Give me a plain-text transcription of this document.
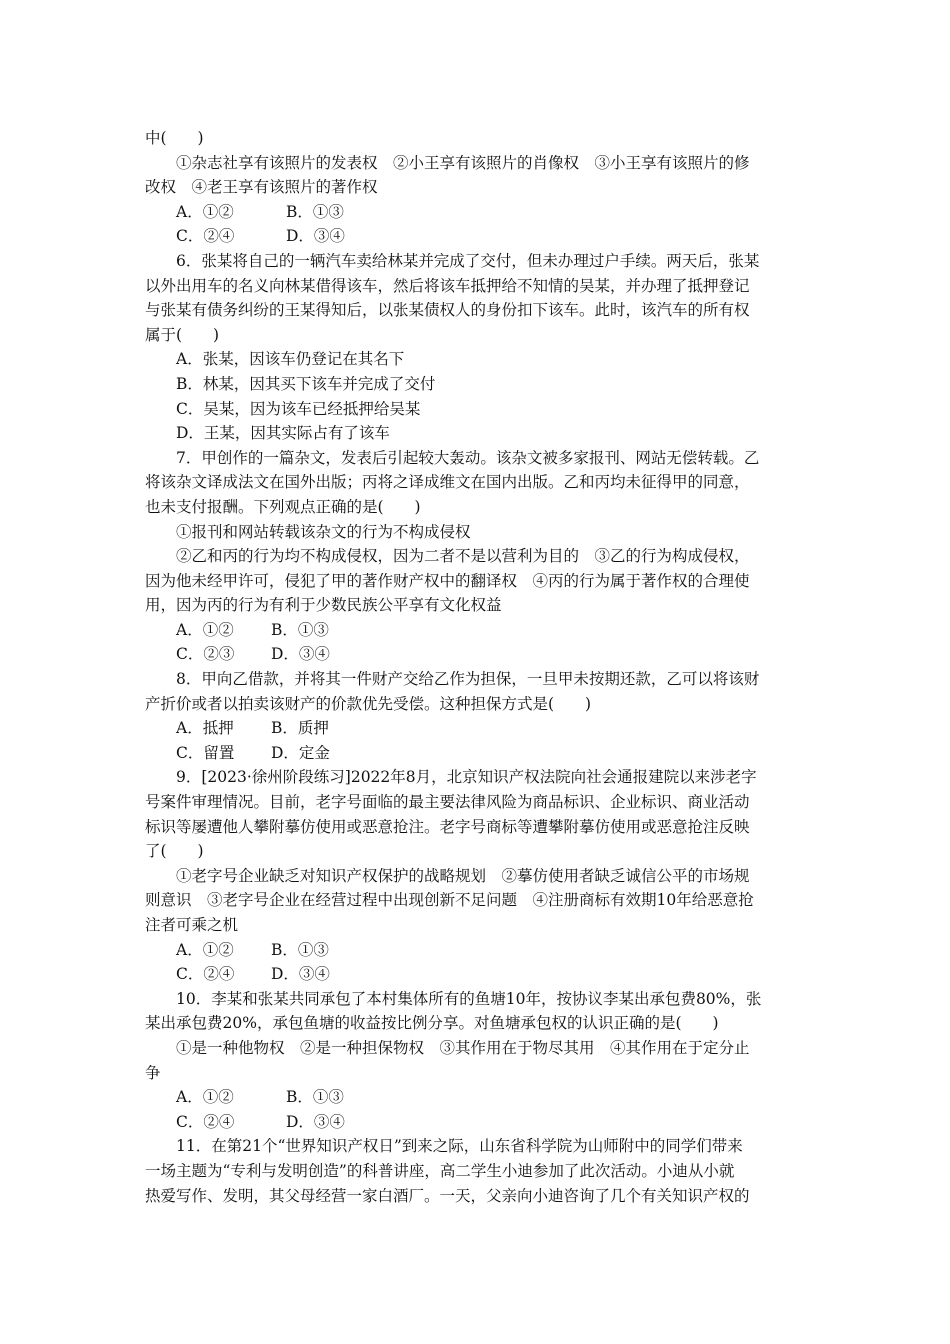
中(　　)
①杂志社享有该照片的发表权　②小王享有该照片的肖像权　③小王享有该照片的修
改权　④老王享有该照片的著作权
A．①②	B．①③
C．②④	D．③④
6．张某将自己的一辆汽车卖给林某并完成了交付，但未办理过户手续。两天后，张某
以外出用车的名义向林某借得该车，然后将该车抵押给不知情的吴某，并办理了抵押登记
与张某有债务纠纷的王某得知后，以张某债权人的身份扣下该车。此时，该汽车的所有权
属于(　　)
A．张某，因该车仍登记在其名下
B．林某，因其买下该车并完成了交付
C．吴某，因为该车已经抵押给吴某
D．王某，因其实际占有了该车
7．甲创作的一篇杂文，发表后引起较大轰动。该杂文被多家报刊、网站无偿转载。乙
将该杂文译成法文在国外出版；丙将之译成维文在国内出版。乙和丙均未征得甲的同意，
也未支付报酬。下列观点正确的是(　　)
①报刊和网站转载该杂文的行为不构成侵权
②乙和丙的行为均不构成侵权，因为二者不是以营利为目的　③乙的行为构成侵权，
因为他未经甲许可，侵犯了甲的著作财产权中的翻译权　④丙的行为属于著作权的合理使
用，因为丙的行为有利于少数民族公平享有文化权益
A．①② B．①③
C．②③ D．③④
8．甲向乙借款，并将其一件财产交给乙作为担保，一旦甲未按期还款，乙可以将该财
产折价或者以拍卖该财产的价款优先受偿。这种担保方式是(　　)
A．抵押 B．质押
C．留置 D．定金
9．[2023·徐州阶段练习]2022年8月，北京知识产权法院向社会通报建院以来涉老字
号案件审理情况。目前，老字号面临的最主要法律风险为商品标识、企业标识、商业活动
标识等屡遭他人攀附摹仿使用或恶意抢注。老字号商标等遭攀附摹仿使用或恶意抢注反映
了(　　)
①老字号企业缺乏对知识产权保护的战略规划　②摹仿使用者缺乏诚信公平的市场规
则意识　③老字号企业在经营过程中出现创新不足问题　④注册商标有效期10年给恶意抢
注者可乘之机
A．①② B．①③
C．②④ D．③④
10．李某和张某共同承包了本村集体所有的鱼塘10年，按协议李某出承包费80%，张
某出承包费20%，承包鱼塘的收益按比例分享。对鱼塘承包权的认识正确的是(　　)
①是一种他物权　②是一种担保物权　③其作用在于物尽其用　④其作用在于定分止
争
A．①②	B．①③
C．②④	D．③④
11．在第21个“世界知识产权日”到来之际，山东省科学院为山师附中的同学们带来
一场主题为“专利与发明创造”的科普讲座，高二学生小迪参加了此次活动。小迪从小就
热爱写作、发明，其父母经营一家白酒厂。一天，父亲向小迪咨询了几个有关知识产权的
